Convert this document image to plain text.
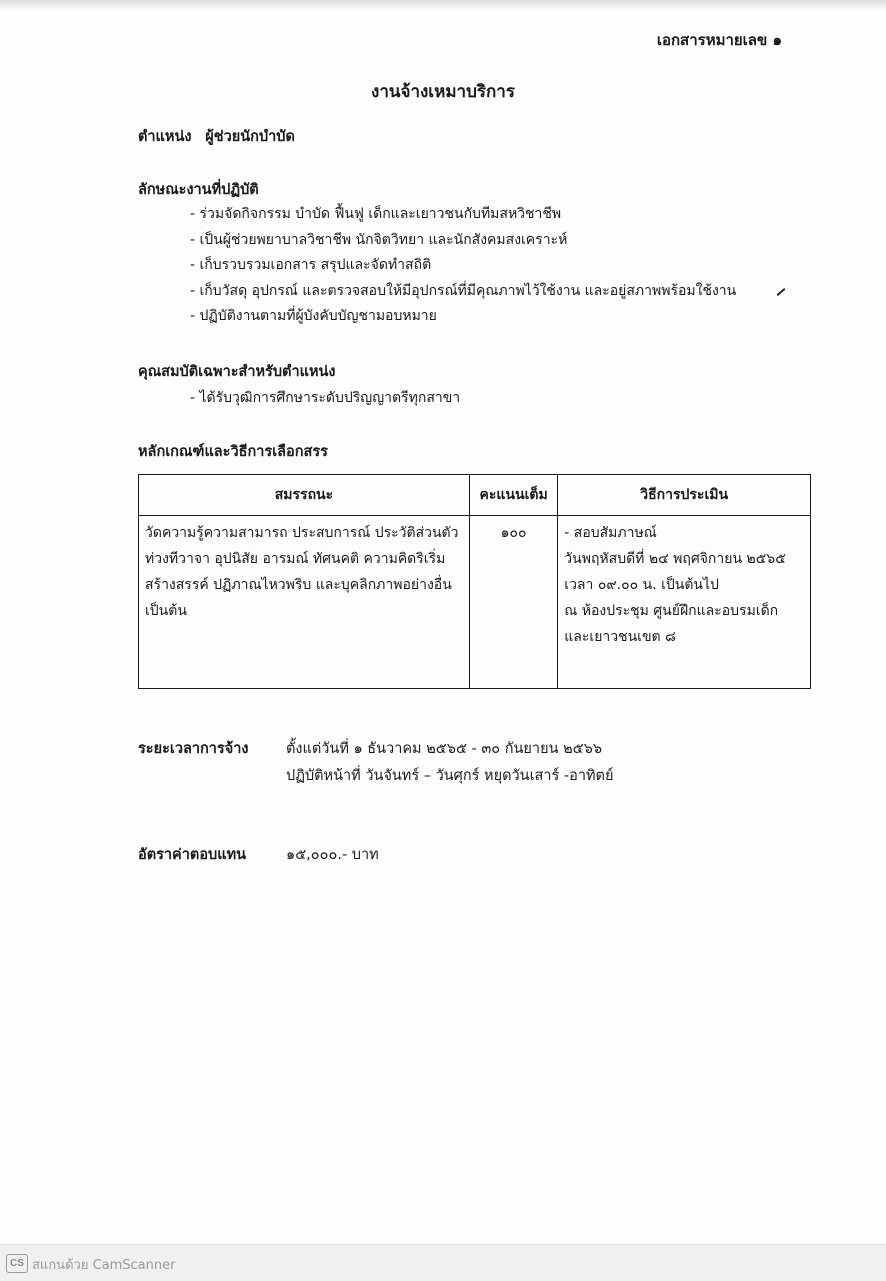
เอกสารหมายเลข ๑
งานจ้างเหมาบริการ
ตำแหน่ง ผู้ช่วยนักบำบัด
ลักษณะงานที่ปฏิบัติ
- ร่วมจัดกิจกรรม บำบัด ฟื้นฟู เด็กและเยาวชนกับทีมสหวิชาชีพ
- เป็นผู้ช่วยพยาบาลวิชาชีพ นักจิตวิทยา และนักสังคมสงเคราะห์
- เก็บรวบรวมเอกสาร สรุปและจัดทำสถิติ
- เก็บวัสดุ อุปกรณ์ และตรวจสอบให้มีอุปกรณ์ที่มีคุณภาพไว้ใช้งาน และอยู่สภาพพร้อมใช้งาน
- ปฏิบัติงานตามที่ผู้บังคับบัญชามอบหมาย
คุณสมบัติเฉพาะสำหรับตำแหน่ง
- ได้รับวุฒิการศึกษาระดับปริญญาตรีทุกสาขา
หลักเกณฑ์และวิธีการเลือกสรร
สมรรถนะ	คะแนนเต็ม	วิธีการประเมิน

วัดความรู้ความสามารถ ประสบการณ์ ประวัติส่วนตัว
ท่วงทีวาจา อุปนิสัย อารมณ์ ทัศนคติ ความคิดริเริ่ม
สร้างสรรค์ ปฏิภาณไหวพริบ และบุคลิกภาพอย่างอื่น
เป็นต้น	๑๐๐	- สอบสัมภาษณ์
วันพฤหัสบดีที่ ๒๔ พฤศจิกายน ๒๕๖๕
เวลา ๐๙.๐๐ น. เป็นต้นไป
ณ ห้องประชุม ศูนย์ฝึกและอบรมเด็ก
และเยาวชนเขต ๘
ระยะเวลาการจ้าง	ตั้งแต่วันที่ ๑ ธันวาคม ๒๕๖๕ - ๓๐ กันยายน ๒๕๖๖
ปฏิบัติหน้าที่ วันจันทร์ – วันศุกร์ หยุดวันเสาร์ -อาทิตย์
อัตราค่าตอบแทน	๑๕,๐๐๐.- บาท
CS สแกนด้วย CamScanner
